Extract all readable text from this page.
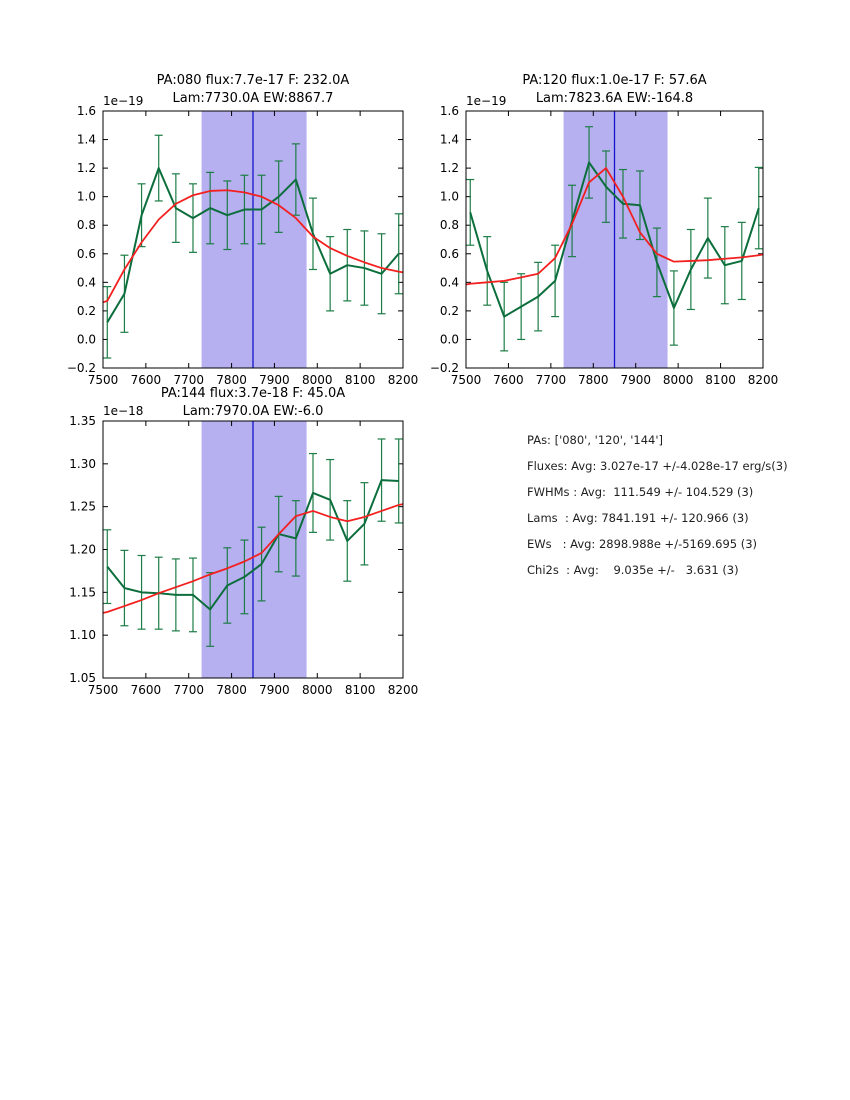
7500 7600 7700 7800 7900 8000 8100 8200
−0.2
0.0
0.2
0.4
0.6
0.8
1.0
1.2
1.4
1.6
1e−19
7500 7600 7700 7800 7900 8000 8100 8200
−0.2
0.0
0.2
0.4
0.6
0.8
1.0
1.2
1.4
1.6
1e−19
7500 7600 7700 7800 7900 8000 8100 8200
1.05
1.10
1.15
1.20
1.25
1.30
1.35
1e−18
PA:080 flux:7.7e-17 F: 232.0A
Lam:7730.0A EW:8867.7
PA:120 flux:1.0e-17 F: 57.6A
Lam:7823.6A EW:-164.8
PA:144 flux:3.7e-18 F: 45.0A
Lam:7970.0A EW:-6.0
PAs: ['080', '120', '144']
Fluxes: Avg: 3.027e-17 +/-4.028e-17 erg/s(3)
FWHMs : Avg:  111.549 +/- 104.529 (3)
Lams  : Avg: 7841.191 +/- 120.966 (3)
EWs   : Avg: 2898.988e +/-5169.695 (3)
Chi2s  : Avg:    9.035e +/-   3.631 (3)
